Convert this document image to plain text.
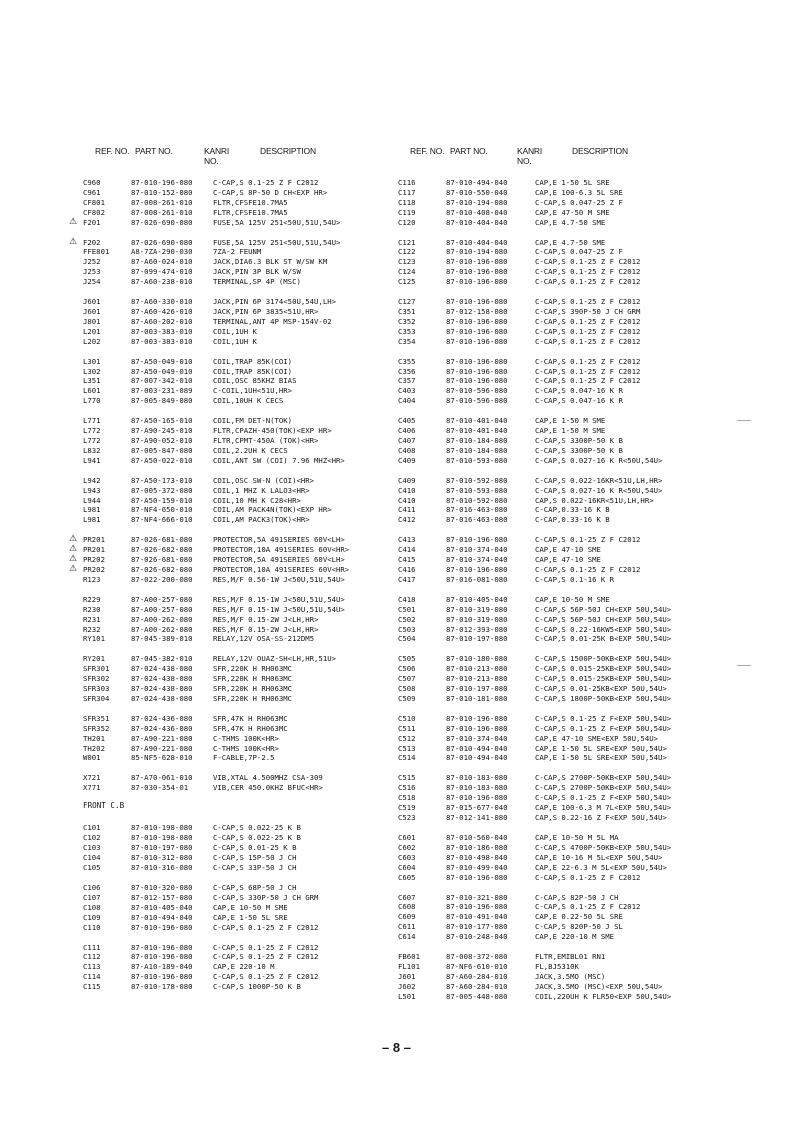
REF. NO. PART NO.	KANRI
NO.
DESCRIPTION
C960	87-010-196-080	C-CAP,S 0.1-25 Z F C2012
C961	87-010-152-080	C-CAP,S 8P-50 D CH<EXP HR>
CF801	87-008-261-010	FLTR,CFSFE10.7MA5
CF802	87-008-261-010	FLTR,CFSFE10.7MA5
⚠ F201	87-026-690-080	FUSE,5A 125V 251<50U,51U,54U>
⚠ F202	87-026-690-080	FUSE,5A 125V 251<50U,51U,54U>
FFE801	A8-7ZA-290-030	7ZA-2 FEUNM
J252	87-A60-024-010	JACK,DIA6.3 BLK ST W/SW KM
J253	87-099-474-010	JACK,PIN 3P BLK W/SW
J254	87-A60-238-010	TERMINAL,SP 4P (MSC)
J601	87-A60-330-010	JACK,PIN 6P 3174<50U,54U,LH>
J601	87-A60-426-010	JACK,PIN 6P 3835<51U,HR>
J801	87-A60-202-010	TERMINAL,ANT 4P MSP-154V-02
L201	87-003-383-010	COIL,1UH K
L202	87-003-383-010	COIL,1UH K
L301	87-A50-049-010	COIL,TRAP 85K(COI)
L302	87-A50-049-010	COIL,TRAP 85K(COI)
L351	87-007-342-010	COIL,OSC 85KHZ BIAS
L601	87-003-231-089	C-COIL,1UH<51U,HR>
L770	87-005-849-080	COIL,10UH K CECS
L771	87-A50-165-010	COIL,FM DET-N(TOK)
L772	87-A90-245-010	FLTR,CPAZH-450(TOK)<EXP HR>
L772	87-A90-052-010	FLTR,CPMT-450A (TOK)<HR>
L832	87-005-847-080	COIL,2.2UH K CECS
L941	87-A50-022-010	COIL,ANT SW (COI) 7.96 MHZ<HR>
L942	87-A50-173-010	COIL,OSC SW-N (COI)<HR>
L943	87-005-372-080	COIL,1 MHZ K LALO3<HR>
L944	87-A50-159-010	COIL,10 MH K C28<HR>
L981	87-NF4-650-010	COIL,AM PACK4N(TOK)<EXP HR>
L981	87-NF4-666-010	COIL,AM PACK3(TOK)<HR>
⚠ PR201	87-026-681-080	PROTECTOR,5A 491SERIES 60V<LH>
⚠ PR201	87-026-682-080	PROTECTOR,10A 491SERIES 60V<HR>
⚠ PR202	87-026-681-080	PROTECTOR,5A 491SERIES 60V<LH>
⚠ PR202	87-026-682-080	PROTECTOR,10A 491SERIES 60V<HR>
R123	87-022-200-080	RES,M/F 0.56-1W J<50U,51U,54U>
R229	87-A00-257-080	RES,M/F 0.15-1W J<50U,51U,54U>
R230	87-A00-257-080	RES,M/F 0.15-1W J<50U,51U,54U>
R231	87-A00-262-080	RES,M/F 0.15-2W J<LH,HR>
R232	87-A00-262-080	RES,M/F 0.15-2W J<LH,HR>
RY101	87-045-389-010	RELAY,12V OSA-SS-212DM5
RY201	87-045-382-010	RELAY,12V OUAZ-SH<LH,HR,51U>
SFR301	87-024-438-080	SFR,220K H RH063MC
SFR302	87-024-438-080	SFR,220K H RH063MC
SFR303	87-024-438-080	SFR,220K H RH063MC
SFR304	87-024-438-080	SFR,220K H RH063MC
SFR351	87-024-436-080	SFR,47K H RH063MC
SFR352	87-024-436-080	SFR,47K H RH063MC
TH201	87-A90-221-080	C-THMS 100K<HR>
TH202	87-A90-221-080	C-THMS 100K<HR>
W001	85-NF5-628-010	F-CABLE,7P-2.5
X721	87-A70-061-010	VIB,XTAL 4.500MHZ CSA-309
X771	87-030-354-01	VIB,CER 450.0KHZ BFUC<HR>
FRONT C.B
C101	87-010-198-080	C-CAP,S 0.022-25 K B
C102	87-010-198-080	C-CAP,S 0.022-25 K B
C103	87-010-197-080	C-CAP,S 0.01-25 K B
C104	87-010-312-080	C-CAP,S 15P-50 J CH
C105	87-010-316-080	C-CAP,S 33P-50 J CH
C106	87-010-320-080	C-CAP,S 68P-50 J CH
C107	87-012-157-080	C-CAP,S 330P-50 J CH GRM
C108	87-010-405-040	CAP,E 10-50 M SME
C109	87-010-494-040	CAP,E 1-50 5L SRE
C110	87-010-196-080	C-CAP,S 0.1-25 Z F C2012
C111	87-010-196-080	C-CAP,S 0.1-25 Z F C2012
C112	87-010-196-080	C-CAP,S 0.1-25 Z F C2012
C113	87-A10-189-040	CAP,E 220-10 M
C114	87-010-196-080	C-CAP,S 0.1-25 Z F C2012
C115	87-010-178-080	C-CAP,S 1000P-50 K B
REF. NO. PART NO.	KANRI
NO.
DESCRIPTION
C116	87-010-494-040	CAP,E 1-50 5L SRE
C117	87-010-550-040	CAP,E 100-6.3 5L SRE
C118	87-010-194-080	C-CAP,S 0.047-25 Z F
C119	87-010-408-040	CAP,E 47-50 M SME
C120	87-010-404-040	CAP,E 4.7-50 SME
C121	87-010-404-040	CAP,E 4.7-50 SME
C122	87-010-194-080	C-CAP,S 0.047-25 Z F
C123	87-010-196-080	C-CAP,S 0.1-25 Z F C2012
C124	87-010-196-080	C-CAP,S 0.1-25 Z F C2012
C125	87-010-196-080	C-CAP,S 0.1-25 Z F C2012
C127	87-010-196-080	C-CAP,S 0.1-25 Z F C2012
C351	87-012-158-080	C-CAP,S 390P-50 J CH GRM
C352	87-010-196-080	C-CAP,S 0.1-25 Z F C2012
C353	87-010-196-080	C-CAP,S 0.1-25 Z F C2012
C354	87-010-196-080	C-CAP,S 0.1-25 Z F C2012
C355	87-010-196-080	C-CAP,S 0.1-25 Z F C2012
C356	87-010-196-080	C-CAP,S 0.1-25 Z F C2012
C357	87-010-196-080	C-CAP,S 0.1-25 Z F C2012
C403	87-010-596-080	C-CAP,S 0.047-16 K R
C404	87-010-596-080	C-CAP,S 0.047-16 K R
C405	87-010-401-040	CAP,E 1-50 M SME
C406	87-010-401-040	CAP,E 1-50 M SME
C407	87-010-184-080	C-CAP,S 3300P-50 K B
C408	87-010-184-080	C-CAP,S 3300P-50 K B
C409	87-010-593-080	C-CAP,S 0.027-16 K R<50U,54U>
C409	87-010-592-080	C-CAP,S 0.022-16KR<51U,LH,HR>
C410	87-010-593-080	C-CAP,S 0.027-16 K R<50U,54U>
C410	87-010-592-080	CAP,S 0.022-16KR<51U,LH,HR>
C411	87-016-463-080	C-CAP,0.33-16 K B
C412	87-016-463-080	C-CAP,0.33-16 K B
C413	87-010-196-080	C-CAP,S 0.1-25 Z F C2012
C414	87-010-374-040	CAP,E 47-10 SME
C415	87-010-374-040	CAP,E 47-10 SME
C416	87-010-196-080	C-CAP,S 0.1-25 Z F C2012
C417	87-016-081-080	C-CAP,S 0.1-16 K R
C418	87-010-405-040	CAP,E 10-50 M SME
C501	87-010-319-080	C-CAP,S 56P-50J CH<EXP 50U,54U>
C502	87-010-319-080	C-CAP,S 56P-50J CH<EXP 50U,54U>
C503	87-012-393-080	C-CAP,S 0.22-16KW5<EXP 50U,54U>
C504	87-010-197-080	C-CAP,S 0.01-25K B<EXP 50U,54U>
C505	87-010-180-080	C-CAP,S 1500P-50KB<EXP 50U,54U>
C506	87-010-213-080	C-CAP,S 0.015-25KB<EXP 50U,54U>
C507	87-010-213-080	C-CAP,S 0.015-25KB<EXP 50U,54U>
C508	87-010-197-080	C-CAP,S 0.01-25KB<EXP 50U,54U>
C509	87-010-181-080	C-CAP,S 1800P-50KB<EXP 50U,54U>
C510	87-010-196-080	C-CAP,S 0.1-25 Z F<EXP 50U,54U>
C511	87-010-196-080	C-CAP,S 0.1-25 Z F<EXP 50U,54U>
C512	87-010-374-040	CAP,E 47-10 SME<EXP 50U,54U>
C513	87-010-494-040	CAP,E 1-50 5L SRE<EXP 50U,54U>
C514	87-010-494-040	CAP,E 1-50 5L SRE<EXP 50U,54U>
C515	87-010-183-080	C-CAP,S 2700P-50KB<EXP 50U,54U>
C516	87-010-183-080	C-CAP,S 2700P-50KB<EXP 50U,54U>
C518	87-010-196-080	C-CAP,S 0.1-25 Z F<EXP 50U,54U>
C519	87-015-677-040	CAP,E 100-6.3 M 7L<EXP 50U,54U>
C523	87-012-141-080	CAP,S 0.22-16 Z F<EXP 50U,54U>
C601	87-010-560-040	CAP,E 10-50 M 5L MA
C602	87-010-186-080	C-CAP,S 4700P-50KB<EXP 50U,54U>
C603	87-010-498-040	CAP,E 10-16 M 5L<EXP 50U,54U>
C604	87-010-499-040	CAP,E 22-6.3 M 5L<EXP 50U,54U>
C605	87-010-196-080	C-CAP,S 0.1-25 Z F C2012
C607	87-010-321-080	C-CAP,S 82P-50 J CH
C608	87-010-196-080	C-CAP,S 0.1-25 Z F C2012
C609	87-010-491-040	CAP,E 0.22-50 5L SRE
C611	87-010-177-080	C-CAP,S 820P-50 J SL
C614	87-010-248-040	CAP,E 220-10 M SME
FB601	87-008-372-080	FLTR,EMIBL01 RN1
FL101	87-NF6-610-010	FL,BJ5310K
J601	87-A60-284-010	JACK,3.5MO (MSC)
J602	87-A60-284-010	JACK,3.5MO (MSC)<EXP 50U,54U>
L501	87-005-448-080	COIL,220UH K FLR50<EXP 50U,54U>
– 8 –
